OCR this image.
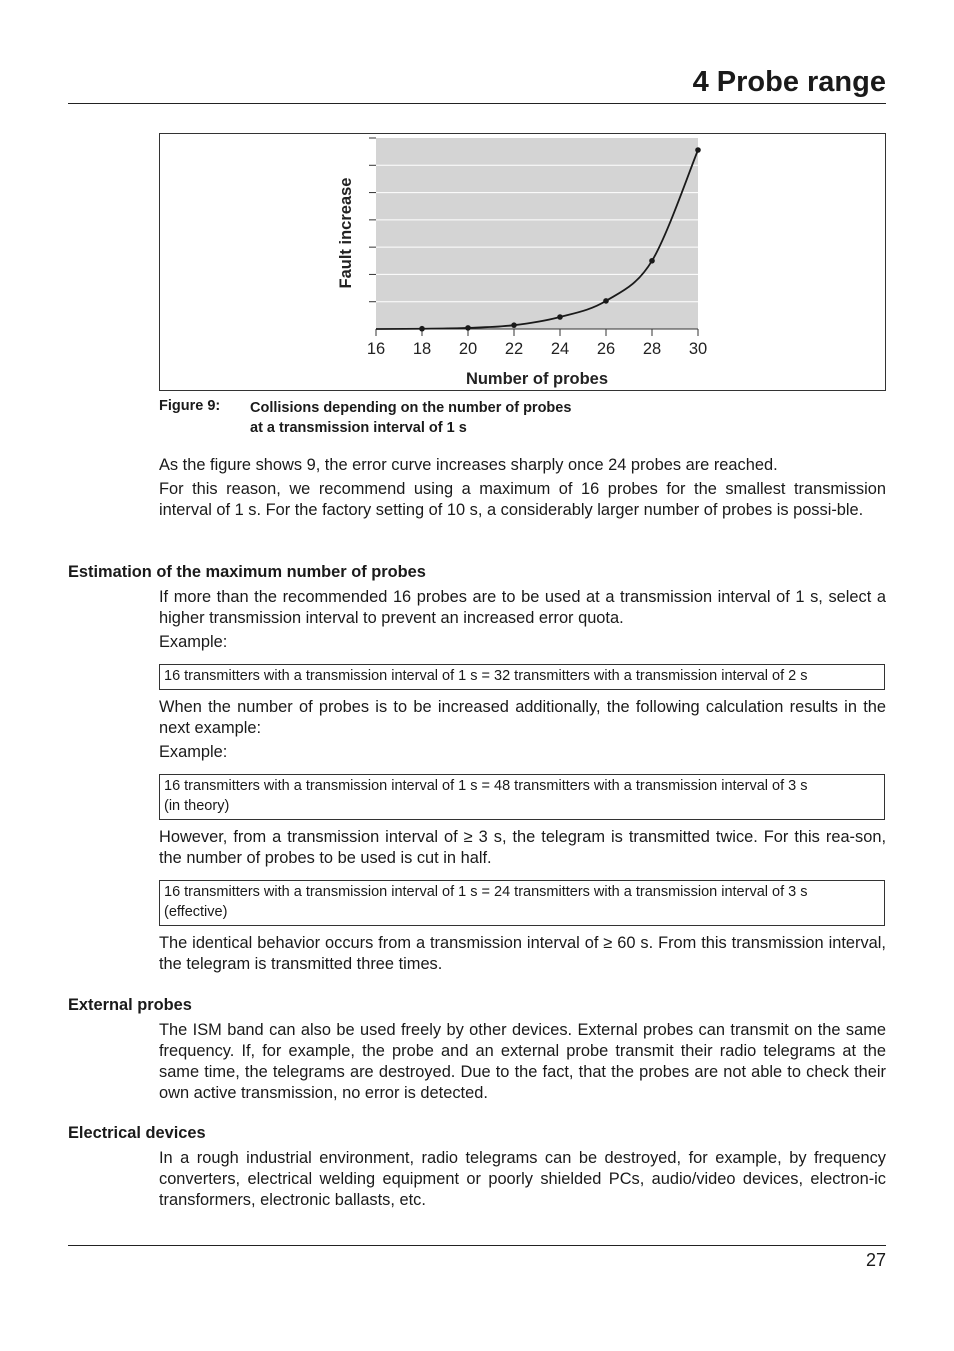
4 Probe range
16 18 20 22 24 26 28 30
Number of probes
Fault increase
Figure 9: Collisions depending on the number of probes
at a transmission interval of 1 s

As the figure shows 9, the error curve increases sharply once 24 probes are reached.

For this reason, we recommend using a maximum of 16 probes for the smallest transmission interval of 1 s. For the factory setting of 10 s, a considerably larger number of probes is possi-ble.

Estimation of the maximum number of probes

If more than the recommended 16 probes are to be used at a transmission interval of 1 s, select a higher transmission interval to prevent an increased error quota.

Example:

16 transmitters with a transmission interval of 1 s = 32 transmitters with a transmission interval of 2 s

When the number of probes is to be increased additionally, the following calculation results in the next example:

Example:

16 transmitters with a transmission interval of 1 s = 48 transmitters with a transmission interval of 3 s
(in theory)

However, from a transmission interval of ≥ 3 s, the telegram is transmitted twice. For this rea-son, the number of probes to be used is cut in half.

16 transmitters with a transmission interval of 1 s = 24 transmitters with a transmission interval of 3 s
(effective)

The identical behavior occurs from a transmission interval of ≥ 60 s. From this transmission interval, the telegram is transmitted three times.

External probes

The ISM band can also be used freely by other devices. External probes can transmit on the same frequency. If, for example, the probe and an external probe transmit their radio telegrams at the same time, the telegrams are destroyed. Due to the fact, that the probes are not able to check their own active transmission, no error is detected.

Electrical devices

In a rough industrial environment, radio telegrams can be destroyed, for example, by frequency converters, electrical welding equipment or poorly shielded PCs, audio/video devices, electron-ic transformers, electronic ballasts, etc.

27
